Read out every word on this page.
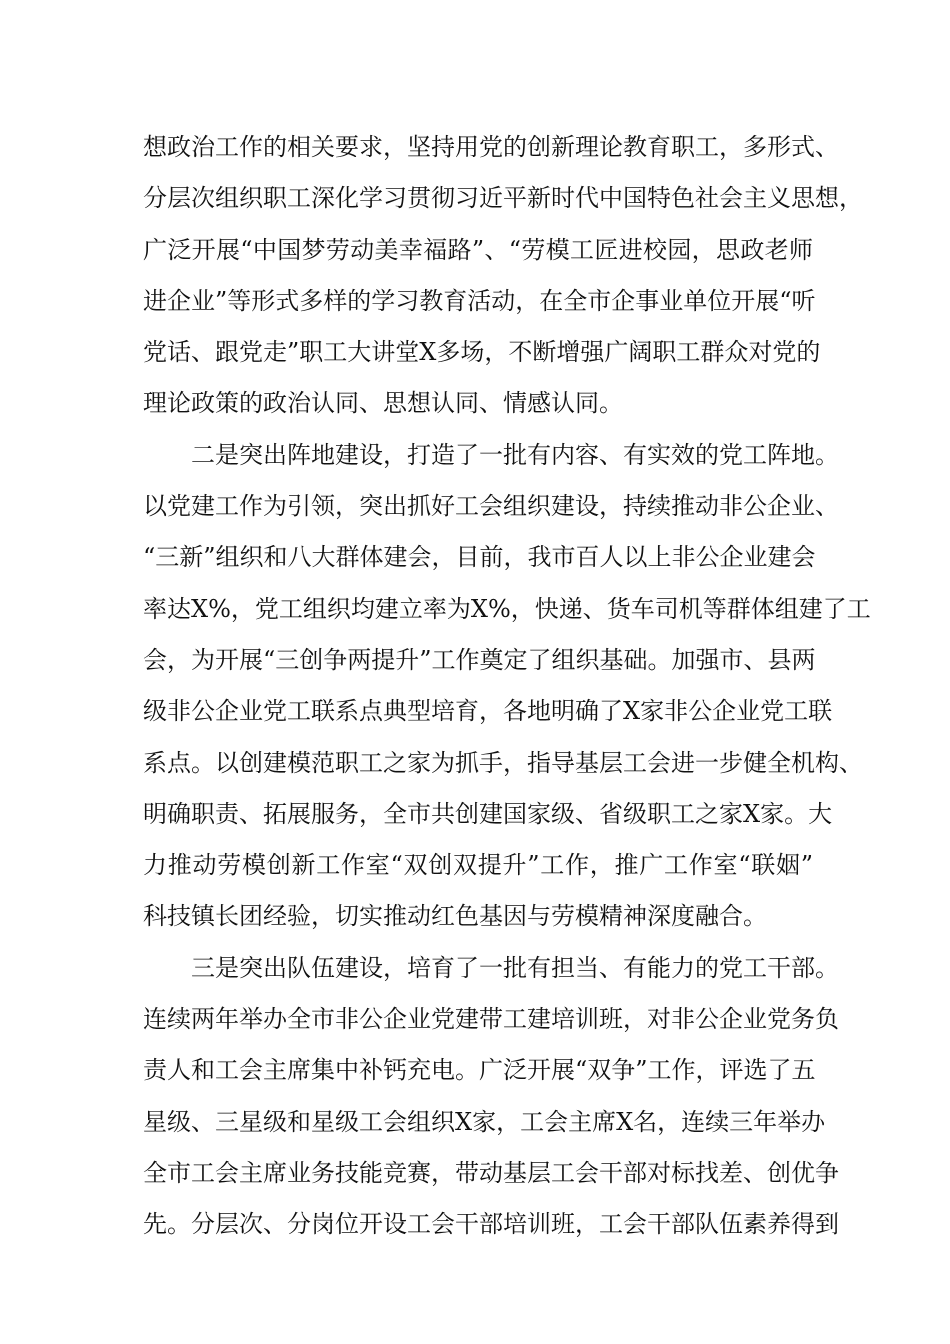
想政治工作的相关要求，坚持用党的创新理论教育职工，多形式、
分层次组织职工深化学习贯彻习近平新时代中国特色社会主义思想，
广泛开展“中国梦劳动美幸福路”、“劳模工匠进校园，思政老师
进企业”等形式多样的学习教育活动，在全市企事业单位开展“听
党话、跟党走”职工大讲堂X多场，不断增强广阔职工群众对党的
理论政策的政治认同、思想认同、情感认同。
二是突出阵地建设，打造了一批有内容、有实效的党工阵地。
以党建工作为引领，突出抓好工会组织建设，持续推动非公企业、
“三新”组织和八大群体建会，目前，我市百人以上非公企业建会
率达X%，党工组织均建立率为X%，快递、货车司机等群体组建了工
会，为开展“三创争两提升”工作奠定了组织基础。加强市、县两
级非公企业党工联系点典型培育，各地明确了X家非公企业党工联
系点。以创建模范职工之家为抓手，指导基层工会进一步健全机构、
明确职责、拓展服务，全市共创建国家级、省级职工之家X家。大
力推动劳模创新工作室“双创双提升”工作，推广工作室“联姻”
科技镇长团经验，切实推动红色基因与劳模精神深度融合。
三是突出队伍建设，培育了一批有担当、有能力的党工干部。
连续两年举办全市非公企业党建带工建培训班，对非公企业党务负
责人和工会主席集中补钙充电。广泛开展“双争”工作，评选了五
星级、三星级和星级工会组织X家，工会主席X名，连续三年举办
全市工会主席业务技能竞赛，带动基层工会干部对标找差、创优争
先。分层次、分岗位开设工会干部培训班，工会干部队伍素养得到
